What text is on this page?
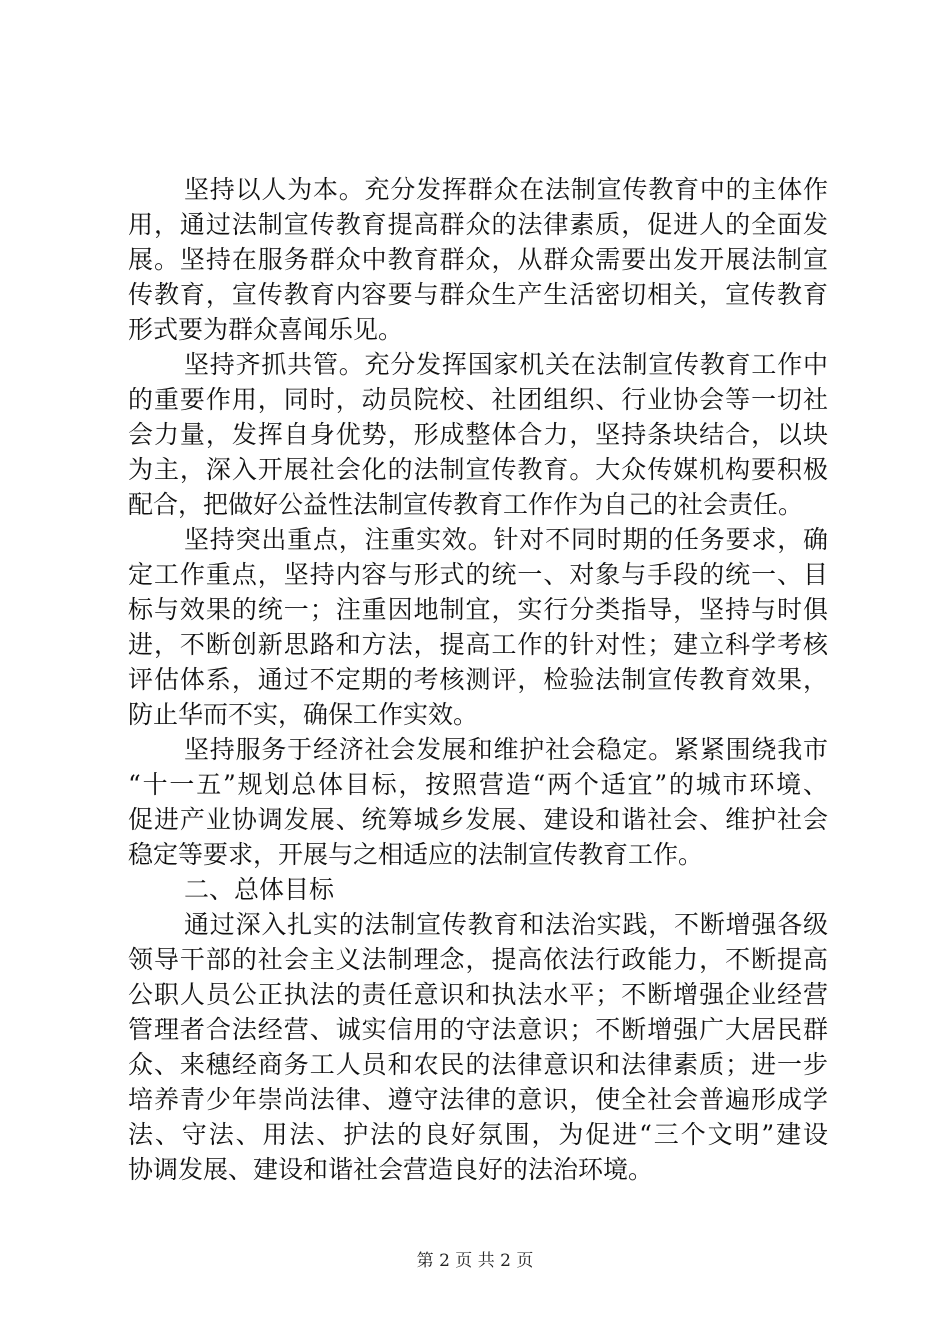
坚持以人为本。充分发挥群众在法制宣传教育中的主体作
用，通过法制宣传教育提高群众的法律素质，促进人的全面发
展。坚持在服务群众中教育群众，从群众需要出发开展法制宣
传教育，宣传教育内容要与群众生产生活密切相关，宣传教育
形式要为群众喜闻乐见。
坚持齐抓共管。充分发挥国家机关在法制宣传教育工作中
的重要作用，同时，动员院校、社团组织、行业协会等一切社
会力量，发挥自身优势，形成整体合力，坚持条块结合，以块
为主，深入开展社会化的法制宣传教育。大众传媒机构要积极
配合，把做好公益性法制宣传教育工作作为自己的社会责任。
坚持突出重点，注重实效。针对不同时期的任务要求，确
定工作重点，坚持内容与形式的统一、对象与手段的统一、目
标与效果的统一；注重因地制宜，实行分类指导，坚持与时俱
进，不断创新思路和方法，提高工作的针对性；建立科学考核
评估体系，通过不定期的考核测评，检验法制宣传教育效果，
防止华而不实，确保工作实效。
坚持服务于经济社会发展和维护社会稳定。紧紧围绕我市
“十一五”规划总体目标，按照营造“两个适宜”的城市环境、
促进产业协调发展、统筹城乡发展、建设和谐社会、维护社会
稳定等要求，开展与之相适应的法制宣传教育工作。
二、总体目标
通过深入扎实的法制宣传教育和法治实践，不断增强各级
领导干部的社会主义法制理念，提高依法行政能力，不断提高
公职人员公正执法的责任意识和执法水平；不断增强企业经营
管理者合法经营、诚实信用的守法意识；不断增强广大居民群
众、来穗经商务工人员和农民的法律意识和法律素质；进一步
培养青少年崇尚法律、遵守法律的意识，使全社会普遍形成学
法、守法、用法、护法的良好氛围，为促进“三个文明”建设
协调发展、建设和谐社会营造良好的法治环境。
第 2 页 共 2 页
